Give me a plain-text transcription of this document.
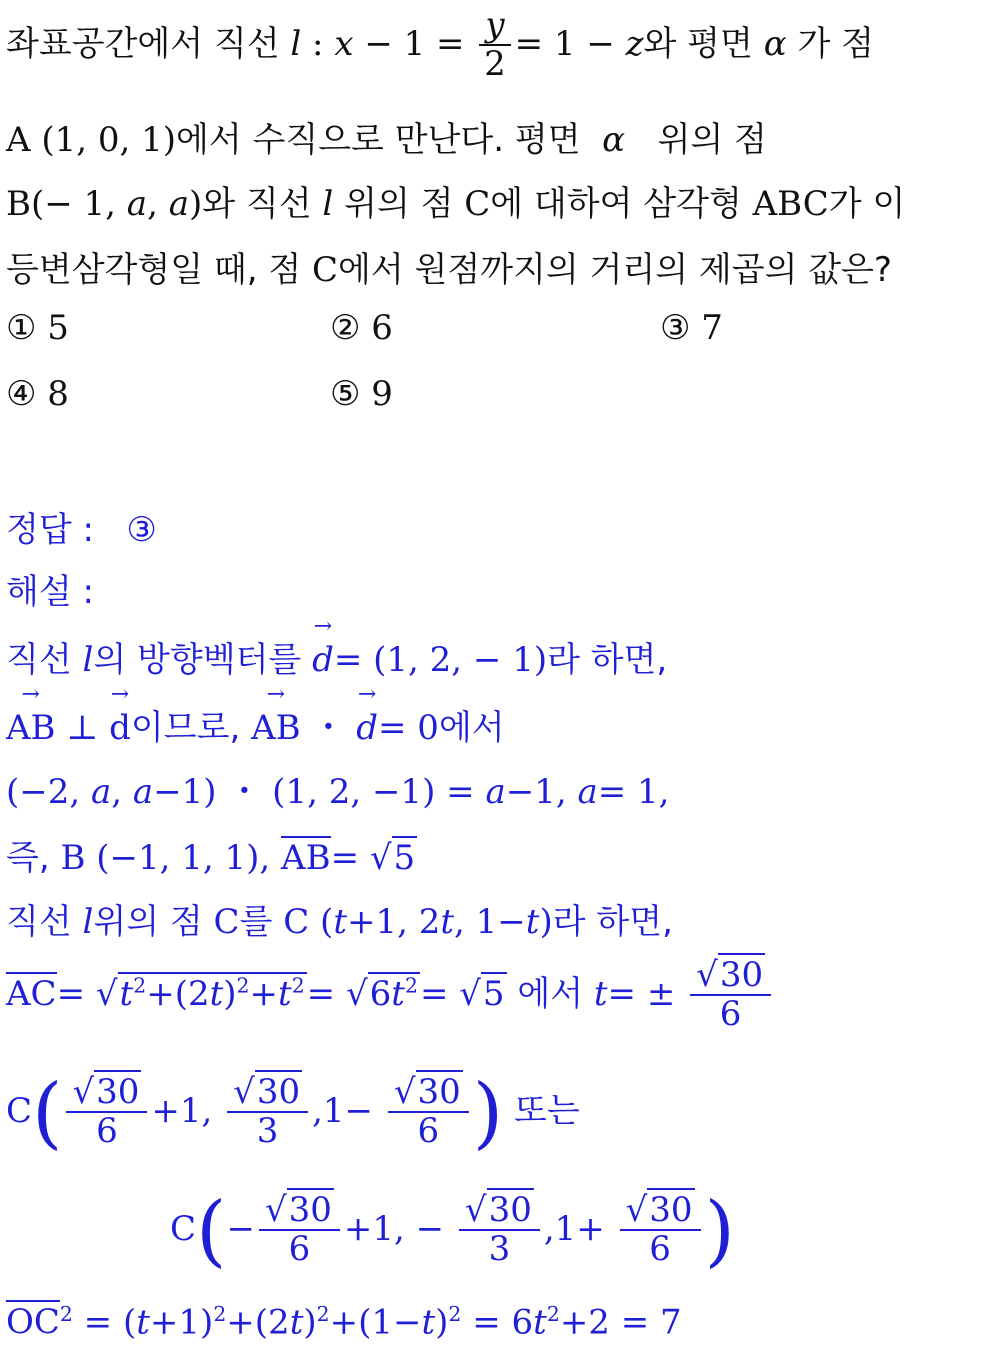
좌표공간에서 직선 l : $x - 1 = \frac{y}{2} = 1 - z$와 평면 α 가 점
A (1, 0, 1)에서 수직으로 만난다. 평면  α   위의 점
B(− 1, a, a)와 직선 l 위의 점 C에 대하여 삼각형 ABC가 이
등변삼각형일 때, 점 C에서 원점까지의 거리의 제곱의 값은?
① 5	② 6	③ 7
④ 8	⑤ 9
정답 : ③
해설 :
직선 l의 방향벡터를 → d= (1, 2, − 1)라 하면,
→ AB ⊥ → d이므로, → AB ・ → d= 0에서
(−2, a, a−1) ・ (1, 2, −1) = a−1, a= 1,
즉, B (−1, 1, 1), AB= √5
직선 l위의 점 C를 C (t+1, 2t, 1−t)라 하면,
$AC= √t^2+(2t)^2+t^2= √6t^2= √5$ 에서 $t= \pm \frac{√30}{6}$
$C( \frac{√30}{6} +1$, $\frac{√30}{3} ,1- \frac{√30}{6}$ ) 또는
$C(- \frac{√30}{6} +1$, − $\frac{√30}{3} ,1+ \frac{√30}{6}$ )
$OC^2 = (t+1)^2+(2t)^2+(1-t)^2 = 6t^2+2 = 7$
